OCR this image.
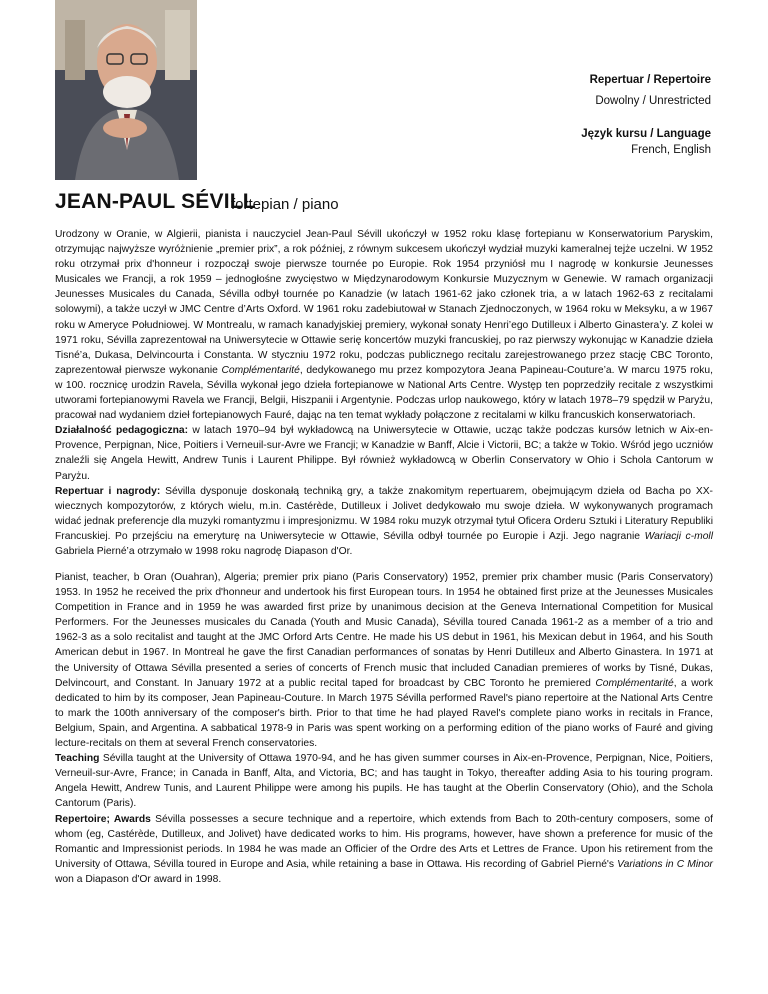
Repertuar / Repertoire
Dowolny / Unrestricted
Język kursu / Language
French, English
JEAN-PAUL SÉVILL
fortepian / piano

Urodzony w Oranie, w Algierii, pianista i nauczyciel Jean-Paul Sévill ukończył w 1952 roku klasę fortepianu w Konserwatorium Paryskim, otrzymując najwyższe wyróżnienie „premier prix”, a rok później, z równym sukcesem ukończył wydział muzyki kameralnej tejże uczelni. W 1952 roku otrzymał prix d'honneur i rozpoczął swoje pierwsze tournée po Europie. Rok 1954 przyniósł mu I nagrodę w konkursie Jeunesses Musicales we Francji, a rok 1959 – jednogłośne zwycięstwo w Międzynarodowym Konkursie Muzycznym w Genewie. W ramach organizacji Jeunesses Musicales du Canada, Sévilla odbył tournée po Kanadzie (w latach 1961-62 jako członek tria, a w latach 1962-63 z recitalami solowymi), a także uczył w JMC Centre d’Arts Oxford. W 1961 roku zadebiutował w Stanach Zjednoczonych, w 1964 roku w Meksyku, a w 1967 roku w Ameryce Południowej. W Montrealu, w ramach kanadyjskiej premiery, wykonał sonaty Henri’ego Dutilleux i Alberto Ginastera’y. Z kolei w 1971 roku, Sévilla zaprezentował na Uniwersytecie w Ottawie serię koncertów muzyki francuskiej, po raz pierwszy wykonując w Kanadzie dzieła Tisné’a, Dukasa, Delvincourta i Constanta. W styczniu 1972 roku, podczas publicznego recitalu zarejestrowanego przez stację CBC Toronto, zaprezentował pierwsze wykonanie Complémentarité, dedykowanego mu przez kompozytora Jeana Papineau-Couture’a. W marcu 1975 roku, w 100. rocznicę urodzin Ravela, Sévilla wykonał jego dzieła fortepianowe w National Arts Centre. Występ ten poprzedziły recitale z wszystkimi utworami fortepianowymi Ravela we Francji, Belgii, Hiszpanii i Argentynie. Podczas urlop naukowego, który w latach 1978–79 spędził w Paryżu, pracował nad wydaniem dzieł fortepianowych Fauré, dając na ten temat wykłady połączone z recitalami w kilku francuskich konserwatoriach.

Działalność pedagogiczna: w latach 1970–94 był wykładowcą na Uniwersytecie w Ottawie, ucząc także podczas kursów letnich w Aix-en-Provence, Perpignan, Nice, Poitiers i Verneuil-sur-Avre we Francji; w Kanadzie w Banff, Alcie i Victorii, BC; a także w Tokio. Wśród jego uczniów znaleźli się Angela Hewitt, Andrew Tunis i Laurent Philippe. Był również wykładowcą w Oberlin Conservatory w Ohio i Schola Cantorum w Paryżu.

Repertuar i nagrody: Sévilla dysponuje doskonałą techniką gry, a także znakomitym repertuarem, obejmującym dzieła od Bacha po XX-wiecznych kompozytorów, z których wielu, m.in. Castérède, Dutilleux i Jolivet dedykowało mu swoje dzieła. W wykonywanych programach widać jednak preferencje dla muzyki romantyzmu i impresjonizmu. W 1984 roku muzyk otrzymał tytuł Oficera Orderu Sztuki i Literatury Republiki Francuskiej. Po przejściu na emeryturę na Uniwersytecie w Ottawie, Sévilla odbył tournée po Europie i Azji. Jego nagranie Wariacji c-moll Gabriela Pierné’a otrzymało w 1998 roku nagrodę Diapason d'Or.

Pianist, teacher, b Oran (Ouahran), Algeria; premier prix piano (Paris Conservatory) 1952, premier prix chamber music (Paris Conservatory) 1953. In 1952 he received the prix d'honneur and undertook his first European tours. In 1954 he obtained first prize at the Jeunesses Musicales Competition in France and in 1959 he was awarded first prize by unanimous decision at the Geneva International Competition for Musical Performers. For the Jeunesses musicales du Canada (Youth and Music Canada), Sévilla toured Canada 1961-2 as a member of a trio and 1962-3 as a solo recitalist and taught at the JMC Orford Arts Centre. He made his US debut in 1961, his Mexican debut in 1964, and his South American debut in 1967. In Montreal he gave the first Canadian performances of sonatas by Henri Dutilleux and Alberto Ginastera. In 1971 at the University of Ottawa Sévilla presented a series of concerts of French music that included Canadian premieres of works by Tisné, Dukas, Delvincourt, and Constant. In January 1972 at a public recital taped for broadcast by CBC Toronto he premiered Complémentarité, a work dedicated to him by its composer, Jean Papineau-Couture. In March 1975 Sévilla performed Ravel's piano repertoire at the National Arts Centre to mark the 100th anniversary of the composer's birth. Prior to that time he had played Ravel's complete piano works in recitals in France, Belgium, Spain, and Argentina. A sabbatical 1978-9 in Paris was spent working on a performing edition of the piano works of Fauré and giving lecture-recitals on them at several French conservatories.

Teaching Sévilla taught at the University of Ottawa 1970-94, and he has given summer courses in Aix-en-Provence, Perpignan, Nice, Poitiers, Verneuil-sur-Avre, France; in Canada in Banff, Alta, and Victoria, BC; and has taught in Tokyo, thereafter adding Asia to his touring program. Angela Hewitt, Andrew Tunis, and Laurent Philippe were among his pupils. He has taught at the Oberlin Conservatory (Ohio), and the Schola Cantorum (Paris).

Repertoire; Awards Sévilla possesses a secure technique and a repertoire, which extends from Bach to 20th-century composers, some of whom (eg, Castérède, Dutilleux, and Jolivet) have dedicated works to him. His programs, however, have shown a preference for music of the Romantic and Impressionist periods. In 1984 he was made an Officier of the Ordre des Arts et Lettres de France. Upon his retirement from the University of Ottawa, Sévilla toured in Europe and Asia, while retaining a base in Ottawa. His recording of Gabriel Pierné's Variations in C Minor won a Diapason d'Or award in 1998.
